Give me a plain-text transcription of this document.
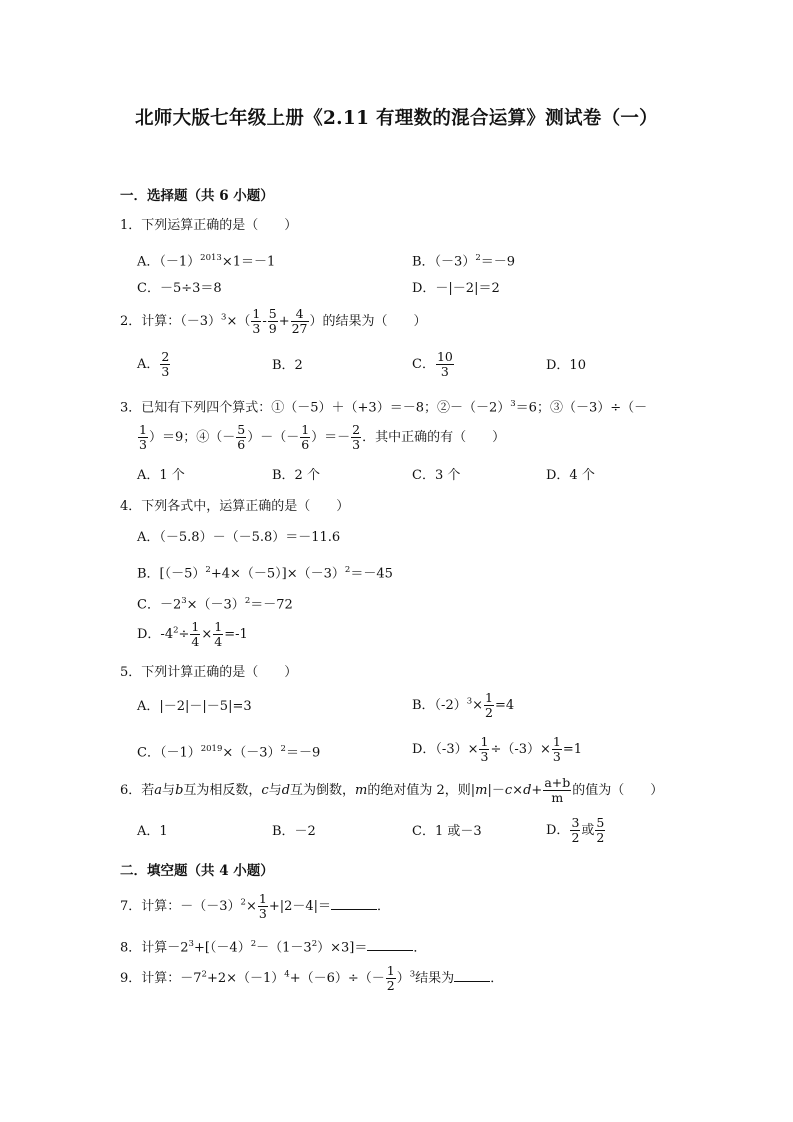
北师大版七年级上册《2.11 有理数的混合运算》测试卷（一）
一．选择题（共 6 小题）
1．下列运算正确的是（　　）
A．$(-1)^{2013}\times 1=-1$	B．$(-3)^2=-9$
C．－5÷3＝8	D．－|－2|＝2
2．计算：$(-3)^3\times( \frac{1}{3} - \frac{5}{9} + \frac{4}{27}$ ）的结果为（　　）
A． $\frac{2}{3}$	B．2	C． $\frac{10}{3}$	D．10
3．已知有下列四个算式：①（－5）＋（+3）＝－8；$②-(-2)^3=6$；③（－3）÷（－
$\frac{1}{3} )=9$；④（－ $\frac{5}{6}$ ）－（－ $\frac{1}{6}$ ）＝－ $\frac{2}{3}$ ．其中正确的有（　　）
A．1 个	B．2 个	C．3 个	D．4 个
4．下列各式中，运算正确的是（　　）
A．（－5.8）－（－5.8）＝－11.6
B．$[(-5)^2+4\times(-5)]\times(-3)^2=-45$
C．$-2^3\times(-3)^2=-72$
D．$-4^2\div \frac{1}{4} \times \frac{1}{4} =-1$
5．下列计算正确的是（　　）
A．|－2|－|－5|=3	B．$(-2)^3\times \frac{1}{2} =4$
C．$(-1)^{2019}\times(-3)^2=-9$	D．$(-3)\times \frac{1}{3} \div(-3)\times \frac{1}{3} =1$
6．若a与b互为相反数，c与d互为倒数，m的绝对值为 2，则$|m|-c\times d+ \frac{a+b}{m}$ 的值为（　　）
A．1	B．－2	C．1 或－3	D． $\frac{3}{2}$ 或 $\frac{5}{2}$
二．填空题（共 4 小题）
7．计算：$-(-3)^2\times \frac{1}{3} +|2-4|=$	．
8．计算$-2^3+[(-4)^2-(1-3^2)\times 3]=$	．
9．计算：$-7^2+2\times(-1)^4+(-6)\div(- \frac{1}{2} )^3$结果为	．
